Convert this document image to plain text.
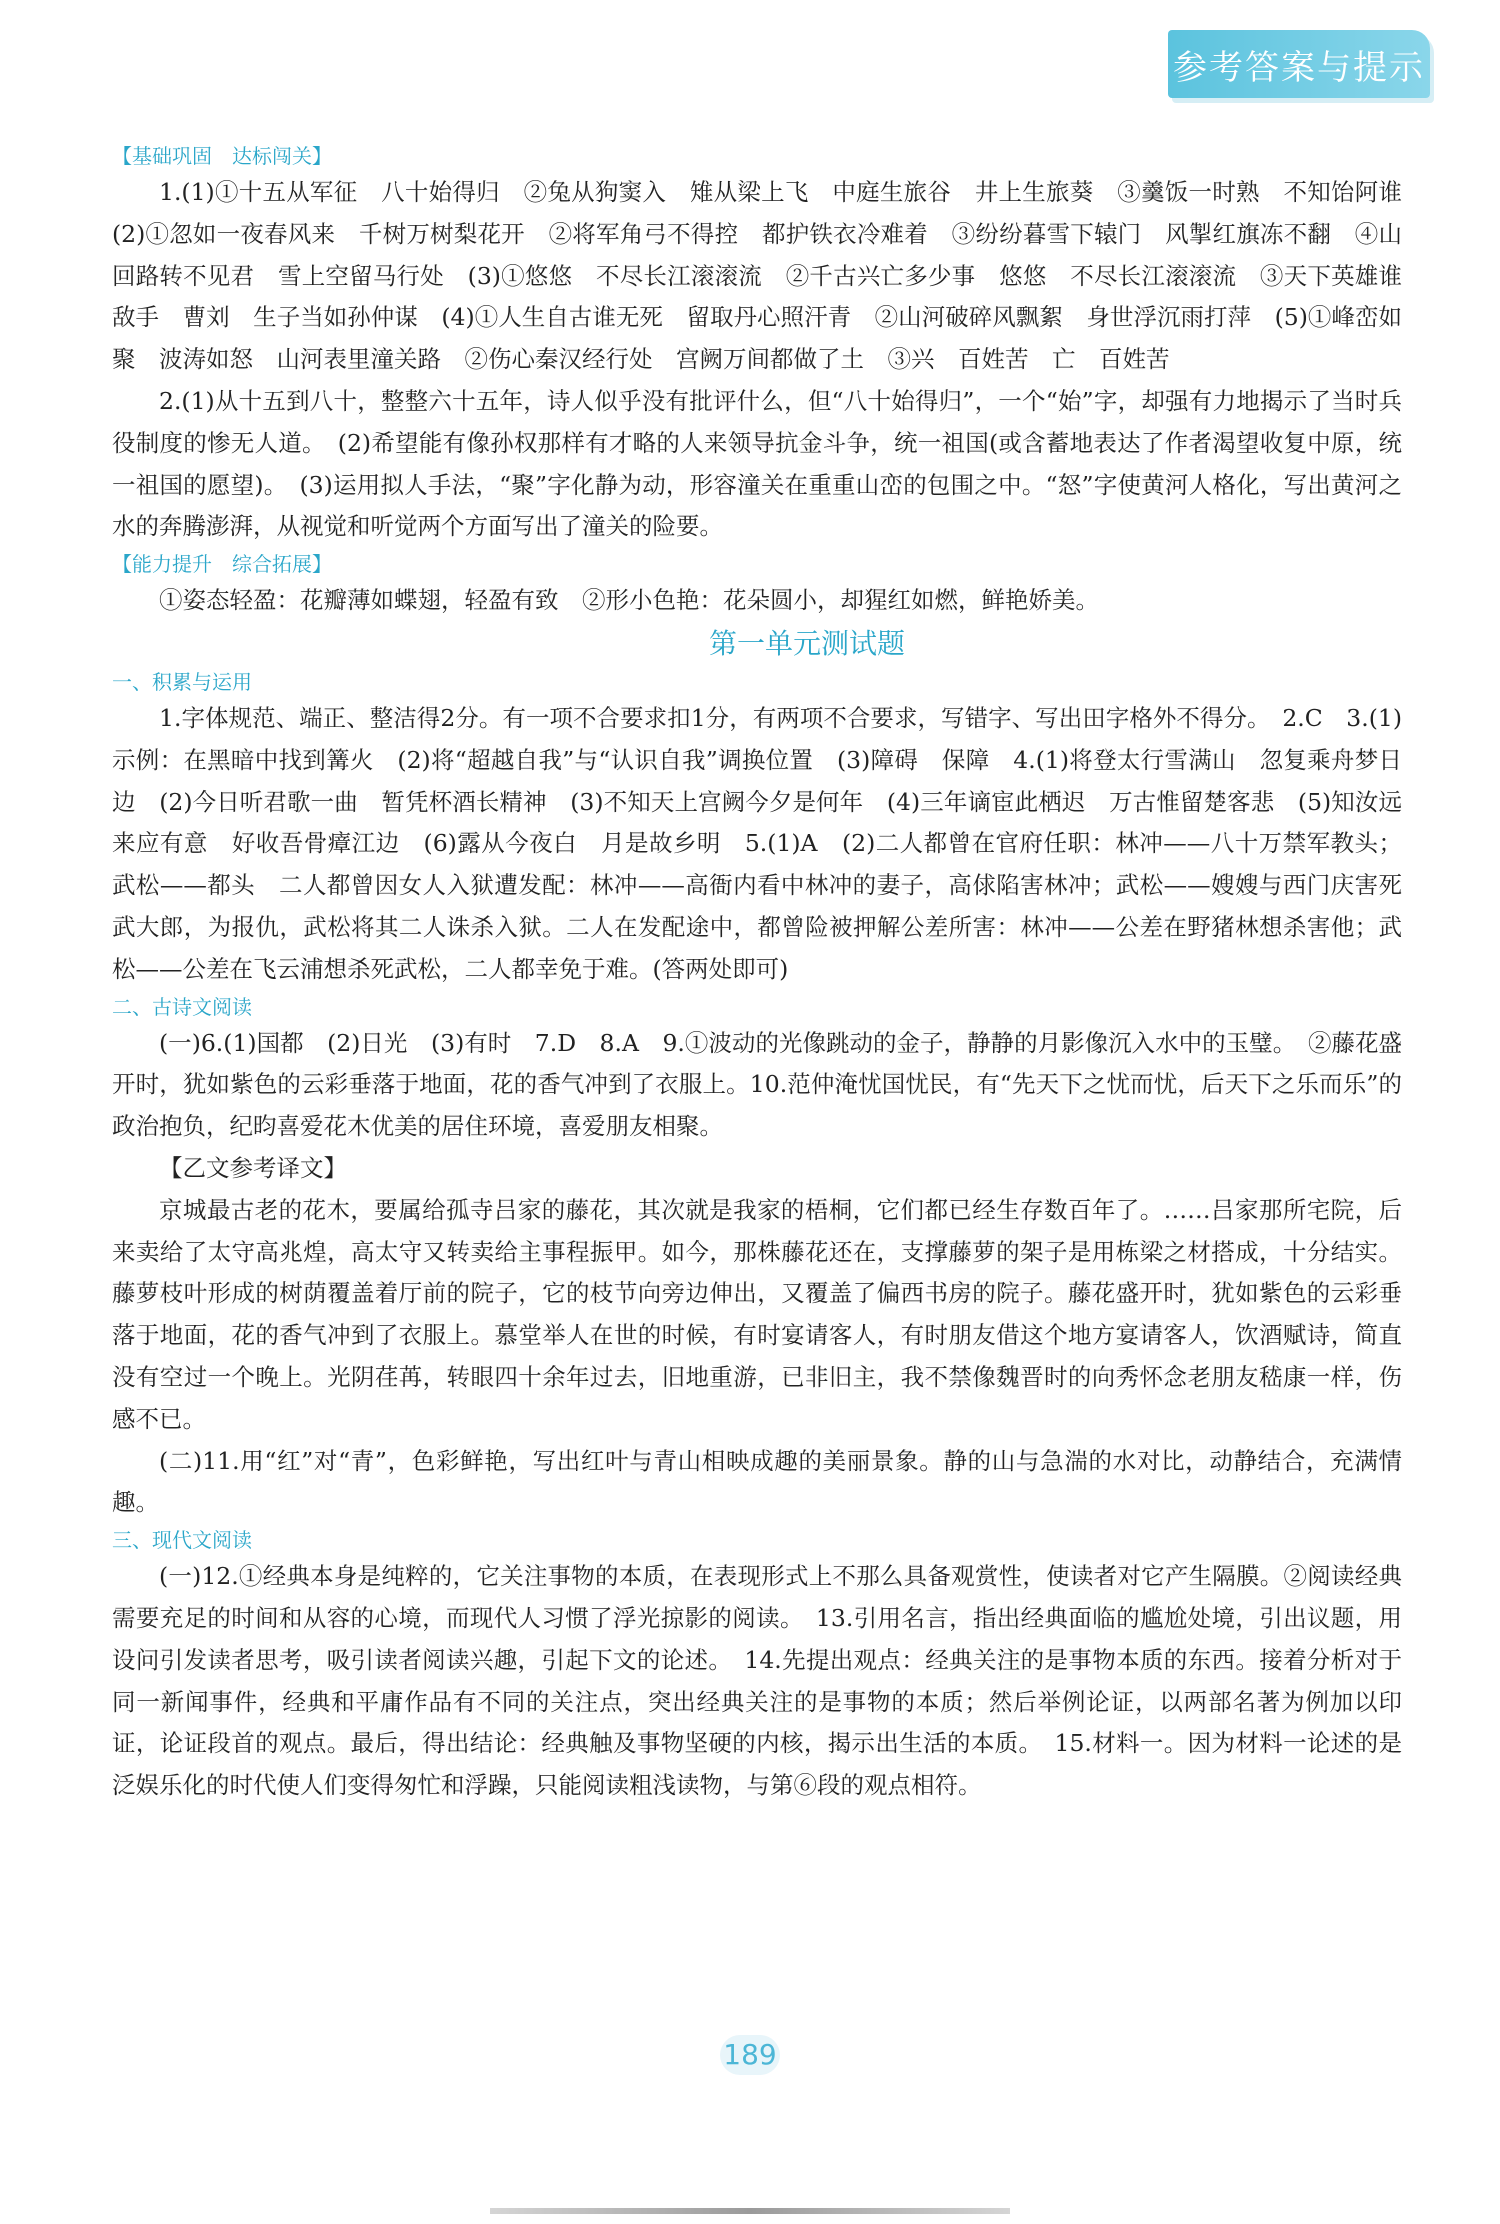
参考答案与提示
【基础巩固　达标闯关】

1.(1)①十五从军征　八十始得归　②兔从狗窦入　雉从梁上飞　中庭生旅谷　井上生旅葵　③羹饭一时熟　不知饴阿谁　(2)①忽如一夜春风来　千树万树梨花开　②将军角弓不得控　都护铁衣冷难着　③纷纷暮雪下辕门　风掣红旗冻不翻　④山回路转不见君　雪上空留马行处　(3)①悠悠　不尽长江滚滚流　②千古兴亡多少事　悠悠　不尽长江滚滚流　③天下英雄谁敌手　曹刘　生子当如孙仲谋　(4)①人生自古谁无死　留取丹心照汗青　②山河破碎风飘絮　身世浮沉雨打萍　(5)①峰峦如聚　波涛如怒　山河表里潼关路　②伤心秦汉经行处　宫阙万间都做了土　③兴　百姓苦　亡　百姓苦

2.(1)从十五到八十，整整六十五年，诗人似乎没有批评什么，但“八十始得归”，一个“始”字，却强有力地揭示了当时兵役制度的惨无人道。　(2)希望能有像孙权那样有才略的人来领导抗金斗争，统一祖国(或含蓄地表达了作者渴望收复中原，统一祖国的愿望)。　(3)运用拟人手法，“聚”字化静为动，形容潼关在重重山峦的包围之中。“怒”字使黄河人格化，写出黄河之水的奔腾澎湃，从视觉和听觉两个方面写出了潼关的险要。

【能力提升　综合拓展】

①姿态轻盈：花瓣薄如蝶翅，轻盈有致　②形小色艳：花朵圆小，却猩红如燃，鲜艳娇美。

第一单元测试题
一、积累与运用

1.字体规范、端正、整洁得2分。有一项不合要求扣1分，有两项不合要求，写错字、写出田字格外不得分。　2.C　3.(1)示例：在黑暗中找到篝火　(2)将“超越自我”与“认识自我”调换位置　(3)障碍　保障　4.(1)将登太行雪满山　忽复乘舟梦日边　(2)今日听君歌一曲　暂凭杯酒长精神　(3)不知天上宫阙今夕是何年　(4)三年谪宦此栖迟　万古惟留楚客悲　(5)知汝远来应有意　好收吾骨瘴江边　(6)露从今夜白　月是故乡明　5.(1)A　(2)二人都曾在官府任职：林冲——八十万禁军教头；武松——都头　二人都曾因女人入狱遭发配：林冲——高衙内看中林冲的妻子，高俅陷害林冲；武松——嫂嫂与西门庆害死武大郎，为报仇，武松将其二人诛杀入狱。二人在发配途中，都曾险被押解公差所害：林冲——公差在野猪林想杀害他；武松——公差在飞云浦想杀死武松，二人都幸免于难。(答两处即可)

二、古诗文阅读

(一)6.(1)国都　(2)日光　(3)有时　7.D　8.A　9.①波动的光像跳动的金子，静静的月影像沉入水中的玉璧。　②藤花盛开时，犹如紫色的云彩垂落于地面，花的香气冲到了衣服上。10.范仲淹忧国忧民，有“先天下之忧而忧，后天下之乐而乐”的政治抱负，纪昀喜爱花木优美的居住环境，喜爱朋友相聚。

【乙文参考译文】

京城最古老的花木，要属给孤寺吕家的藤花，其次就是我家的梧桐，它们都已经生存数百年了。……吕家那所宅院，后来卖给了太守高兆煌，高太守又转卖给主事程振甲。如今，那株藤花还在，支撑藤萝的架子是用栋梁之材搭成，十分结实。藤萝枝叶形成的树荫覆盖着厅前的院子，它的枝节向旁边伸出，又覆盖了偏西书房的院子。藤花盛开时，犹如紫色的云彩垂落于地面，花的香气冲到了衣服上。慕堂举人在世的时候，有时宴请客人，有时朋友借这个地方宴请客人，饮酒赋诗，简直没有空过一个晚上。光阴荏苒，转眼四十余年过去，旧地重游，已非旧主，我不禁像魏晋时的向秀怀念老朋友嵇康一样，伤感不已。

(二)11.用“红”对“青”，色彩鲜艳，写出红叶与青山相映成趣的美丽景象。静的山与急湍的水对比，动静结合，充满情趣。

三、现代文阅读

(一)12.①经典本身是纯粹的，它关注事物的本质，在表现形式上不那么具备观赏性，使读者对它产生隔膜。②阅读经典需要充足的时间和从容的心境，而现代人习惯了浮光掠影的阅读。　13.引用名言，指出经典面临的尴尬处境，引出议题，用设问引发读者思考，吸引读者阅读兴趣，引起下文的论述。　14.先提出观点：经典关注的是事物本质的东西。接着分析对于同一新闻事件，经典和平庸作品有不同的关注点，突出经典关注的是事物的本质；然后举例论证，以两部名著为例加以印证，论证段首的观点。最后，得出结论：经典触及事物坚硬的内核，揭示出生活的本质。　15.材料一。因为材料一论述的是泛娱乐化的时代使人们变得匆忙和浮躁，只能阅读粗浅读物，与第⑥段的观点相符。

189
